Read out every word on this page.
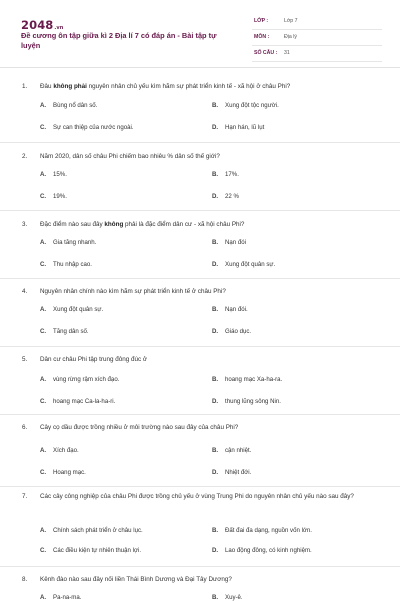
2048.vn
Đề cương ôn tập giữa kì 2 Địa lí 7 có đáp án - Bài tập tự luyện
LỚP :	Lớp 7
MÔN :	Địa lý
SỐ CÂU : 31
1.	Đâu không phải nguyên nhân chủ yếu kìm hãm sự phát triển kinh tế - xã hội ở châu Phi?
A. Bùng nổ dân số.	B. Xung đột tộc người.
C. Sự can thiệp của nước ngoài.	D. Hạn hán, lũ lụt
2.	Năm 2020, dân số châu Phi chiếm bao nhiêu % dân số thế giới?
A. 15%.	B. 17%.
C. 19%.	D. 22 %
3.	Đặc điểm nào sau đây không phải là đặc điểm dân cư - xã hội châu Phi?
A. Gia tăng nhanh.	B. Nạn đói
C. Thu nhập cao.	D. Xung đột quân sự.
4.	Nguyên nhân chính nào kìm hãm sự phát triển kinh tế ở châu Phi?
A. Xung đột quân sự.	B. Nạn đói.
C. Tăng dân số.	D. Giáo dục.
5.	Dân cư châu Phi tập trung đông đúc ở
A. vùng rừng rậm xích đạo.	B. hoang mạc Xa-ha-ra.
C. hoang mạc Ca-la-ha-ri.	D. thung lũng sông Nin.
6.	Cây cọ dầu được trồng nhiều ở môi trường nào sau đây của châu Phi?
A. Xích đạo.	B. cận nhiệt.
C. Hoang mạc.	D. Nhiệt đới.
7.	Các cây công nghiệp của châu Phi được trồng chủ yếu ở vùng Trung Phi do nguyên nhân chủ yếu nào sau đây?
A. Chính sách phát triển ở châu lục.	B. Đất đai đa dạng, nguồn vốn lớn.
C. Các điều kiện tự nhiên thuận lợi.	D. Lao động đông, có kinh nghiệm.
8.	Kênh đào nào sau đây nối liền Thái Bình Dương và Đại Tây Dương?
A. Pa-na-ma.	B. Xuy-ê.
